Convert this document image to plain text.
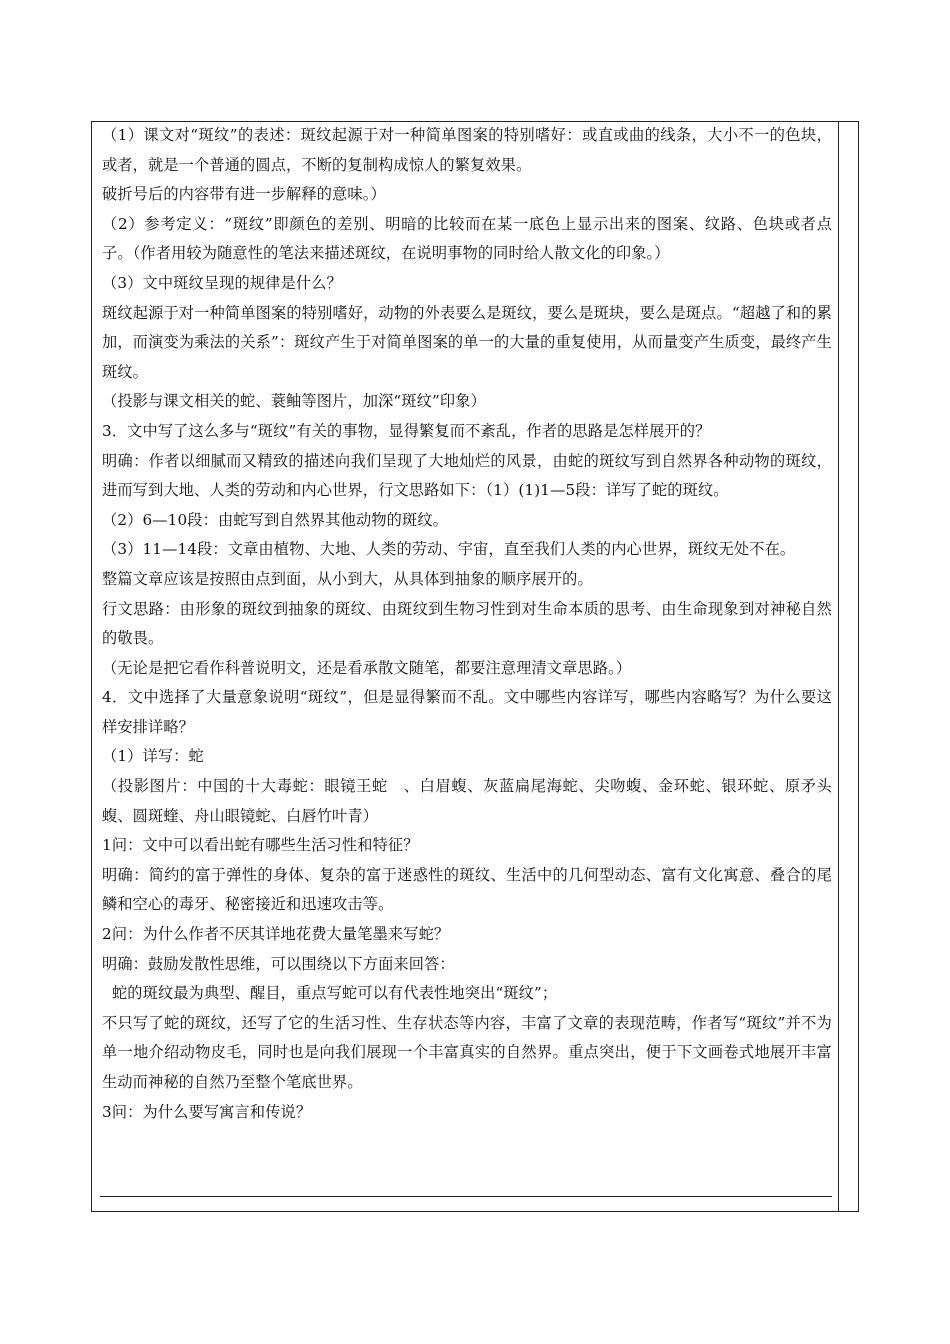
（1）课文对“斑纹”的表述：斑纹起源于对一种简单图案的特别嗜好：或直或曲的线条，大小不一的色块，或者，就是一个普通的圆点，不断的复制构成惊人的繁复效果。

破折号后的内容带有进一步解释的意味。）

（2）参考定义：“斑纹”即颜色的差别、明暗的比较而在某一底色上显示出来的图案、纹路、色块或者点子。（作者用较为随意性的笔法来描述斑纹，在说明事物的同时给人散文化的印象。）

（3）文中斑纹呈现的规律是什么？

斑纹起源于对一种简单图案的特别嗜好，动物的外表要么是斑纹，要么是斑块，要么是斑点。“超越了和的累加，而演变为乘法的关系”：斑纹产生于对简单图案的单一的大量的重复使用，从而量变产生质变，最终产生斑纹。

（投影与课文相关的蛇、蓑鲉等图片，加深“斑纹”印象）

3．文中写了这么多与“斑纹”有关的事物，显得繁复而不紊乱，作者的思路是怎样展开的？

明确：作者以细腻而又精致的描述向我们呈现了大地灿烂的风景，由蛇的斑纹写到自然界各种动物的斑纹，进而写到大地、人类的劳动和内心世界，行文思路如下：（1）(1)1—5段：详写了蛇的斑纹。

（2）6—10段：由蛇写到自然界其他动物的斑纹。

（3）11—14段：文章由植物、大地、人类的劳动、宇宙，直至我们人类的内心世界，斑纹无处不在。

整篇文章应该是按照由点到面，从小到大，从具体到抽象的顺序展开的。

行文思路：由形象的斑纹到抽象的斑纹、由斑纹到生物习性到对生命本质的思考、由生命现象到对神秘自然的敬畏。

（无论是把它看作科普说明文，还是看承散文随笔，都要注意理清文章思路。）

4．文中选择了大量意象说明“斑纹”，但是显得繁而不乱。文中哪些内容详写，哪些内容略写？为什么要这样安排详略？

（1）详写：蛇

（投影图片：中国的十大毒蛇：眼镜王蛇　、白眉蝮、灰蓝扁尾海蛇、尖吻蝮、金环蛇、银环蛇、原矛头蝮、圆斑蝰、舟山眼镜蛇、白唇竹叶青）

1问：文中可以看出蛇有哪些生活习性和特征？

明确：简约的富于弹性的身体、复杂的富于迷惑性的斑纹、生活中的几何型动态、富有文化寓意、叠合的尾鳞和空心的毒牙、秘密接近和迅速攻击等。

2问：为什么作者不厌其详地花费大量笔墨来写蛇？

明确：鼓励发散性思维，可以围绕以下方面来回答：

蛇的斑纹最为典型、醒目，重点写蛇可以有代表性地突出“斑纹”；

不只写了蛇的斑纹，还写了它的生活习性、生存状态等内容，丰富了文章的表现范畴，作者写“斑纹”并不为单一地介绍动物皮毛，同时也是向我们展现一个丰富真实的自然界。重点突出，便于下文画卷式地展开丰富生动而神秘的自然乃至整个笔底世界。

3问：为什么要写寓言和传说？
